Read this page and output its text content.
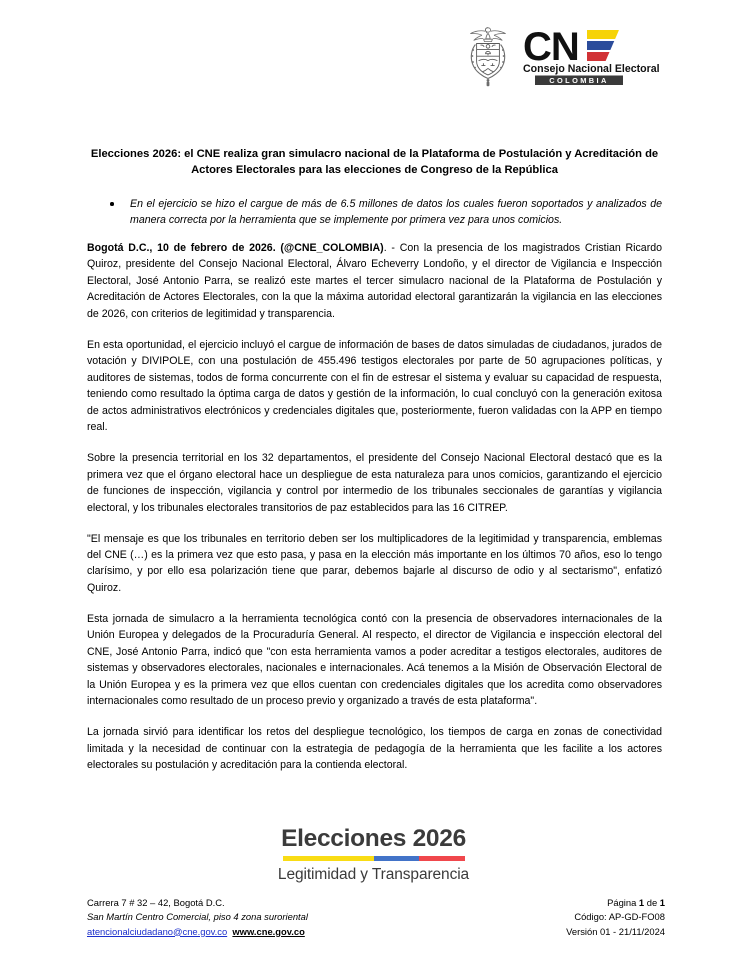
CN
Consejo Nacional Electoral
COLOMBIA
Elecciones 2026: el CNE realiza gran simulacro nacional de la Plataforma de Postulación y Acreditación de Actores Electorales para las elecciones de Congreso de la República
En el ejercicio se hizo el cargue de más de 6.5 millones de datos los cuales fueron soportados y analizados de manera correcta por la herramienta que se implemente por primera vez para unos comicios.

Bogotá D.C., 10 de febrero de 2026. (@CNE_COLOMBIA). - Con la presencia de los magistrados Cristian Ricardo Quiroz, presidente del Consejo Nacional Electoral, Álvaro Echeverry Londoño, y el director de Vigilancia e Inspección Electoral, José Antonio Parra, se realizó este martes el tercer simulacro nacional de la Plataforma de Postulación y Acreditación de Actores Electorales, con la que la máxima autoridad electoral garantizarán la vigilancia en las elecciones de 2026, con criterios de legitimidad y transparencia.

En esta oportunidad, el ejercicio incluyó el cargue de información de bases de datos simuladas de ciudadanos, jurados de votación y DIVIPOLE, con una postulación de 455.496 testigos electorales por parte de 50 agrupaciones políticas, y auditores de sistemas, todos de forma concurrente con el fin de estresar el sistema y evaluar su capacidad de respuesta, teniendo como resultado la óptima carga de datos y gestión de la información, lo cual concluyó con la generación exitosa de actos administrativos electrónicos y credenciales digitales que, posteriormente, fueron validadas con la APP en tiempo real.

Sobre la presencia territorial en los 32 departamentos, el presidente del Consejo Nacional Electoral destacó que es la primera vez que el órgano electoral hace un despliegue de esta naturaleza para unos comicios, garantizando el ejercicio de funciones de inspección, vigilancia y control por intermedio de los tribunales seccionales de garantías y vigilancia electoral, y los tribunales electorales transitorios de paz establecidos para las 16 CITREP.

"El mensaje es que los tribunales en territorio deben ser los multiplicadores de la legitimidad y transparencia, emblemas del CNE (…) es la primera vez que esto pasa, y pasa en la elección más importante en los últimos 70 años, eso lo tengo clarísimo, y por ello esa polarización tiene que parar, debemos bajarle al discurso de odio y al sectarismo", enfatizó Quiroz.

Esta jornada de simulacro a la herramienta tecnológica contó con la presencia de observadores internacionales de la Unión Europea y delegados de la Procuraduría General. Al respecto, el director de Vigilancia e inspección electoral del CNE, José Antonio Parra, indicó que "con esta herramienta vamos a poder acreditar a testigos electorales, auditores de sistemas y observadores electorales, nacionales e internacionales. Acá tenemos a la Misión de Observación Electoral de la Unión Europea y es la primera vez que ellos cuentan con credenciales digitales que los acredita como observadores internacionales como resultado de un proceso previo y organizado a través de esta plataforma".

La jornada sirvió para identificar los retos del despliegue tecnológico, los tiempos de carga en zonas de conectividad limitada y la necesidad de continuar con la estrategia de pedagogía de la herramienta que les facilite a los actores electorales su postulación y acreditación para la contienda electoral.

Elecciones 2026
Legitimidad y Transparencia
Carrera 7 # 32 – 42, Bogotá D.C.
San Martín Centro Comercial, piso 4 zona suroriental
atencionalciudadano@cne.gov.co www.cne.gov.co
Página 1 de 1
Código: AP-GD-FO08
Versión 01 - 21/11/2024
